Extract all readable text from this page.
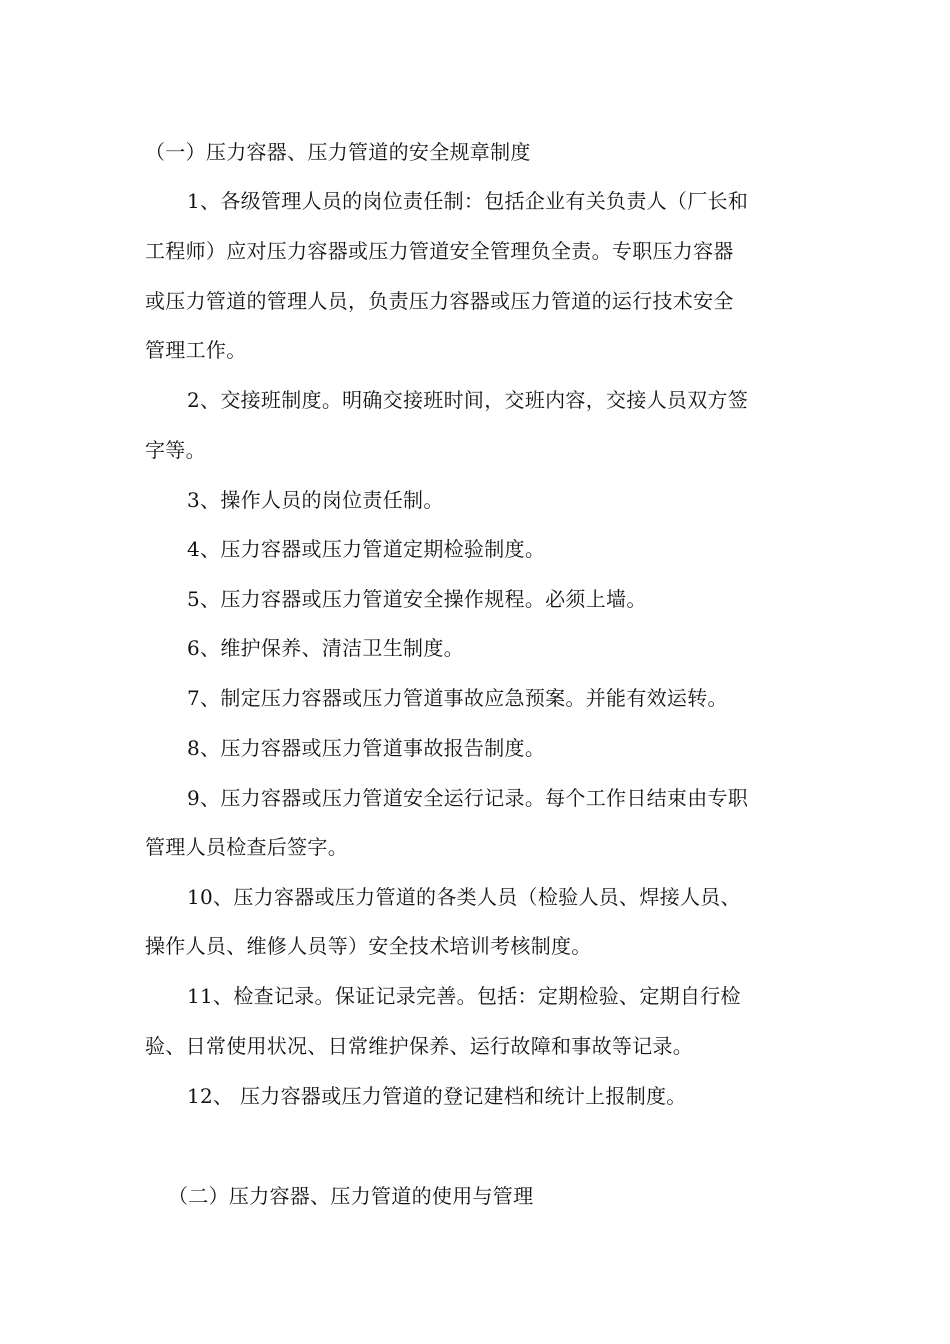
（一）压力容器、压力管道的安全规章制度
1、各级管理人员的岗位责任制：包括企业有关负责人（厂长和
工程师）应对压力容器或压力管道安全管理负全责。专职压力容器
或压力管道的管理人员，负责压力容器或压力管道的运行技术安全
管理工作。
2、交接班制度。明确交接班时间，交班内容，交接人员双方签
字等。
3、操作人员的岗位责任制。
4、压力容器或压力管道定期检验制度。
5、压力容器或压力管道安全操作规程。必须上墙。
6、维护保养、清洁卫生制度。
7、制定压力容器或压力管道事故应急预案。并能有效运转。
8、压力容器或压力管道事故报告制度。
9、压力容器或压力管道安全运行记录。每个工作日结束由专职
管理人员检查后签字。
10、压力容器或压力管道的各类人员（检验人员、焊接人员、
操作人员、维修人员等）安全技术培训考核制度。
11、检查记录。保证记录完善。包括：定期检验、定期自行检
验、日常使用状况、日常维护保养、运行故障和事故等记录。
12、 压力容器或压力管道的登记建档和统计上报制度。
（二）压力容器、压力管道的使用与管理
